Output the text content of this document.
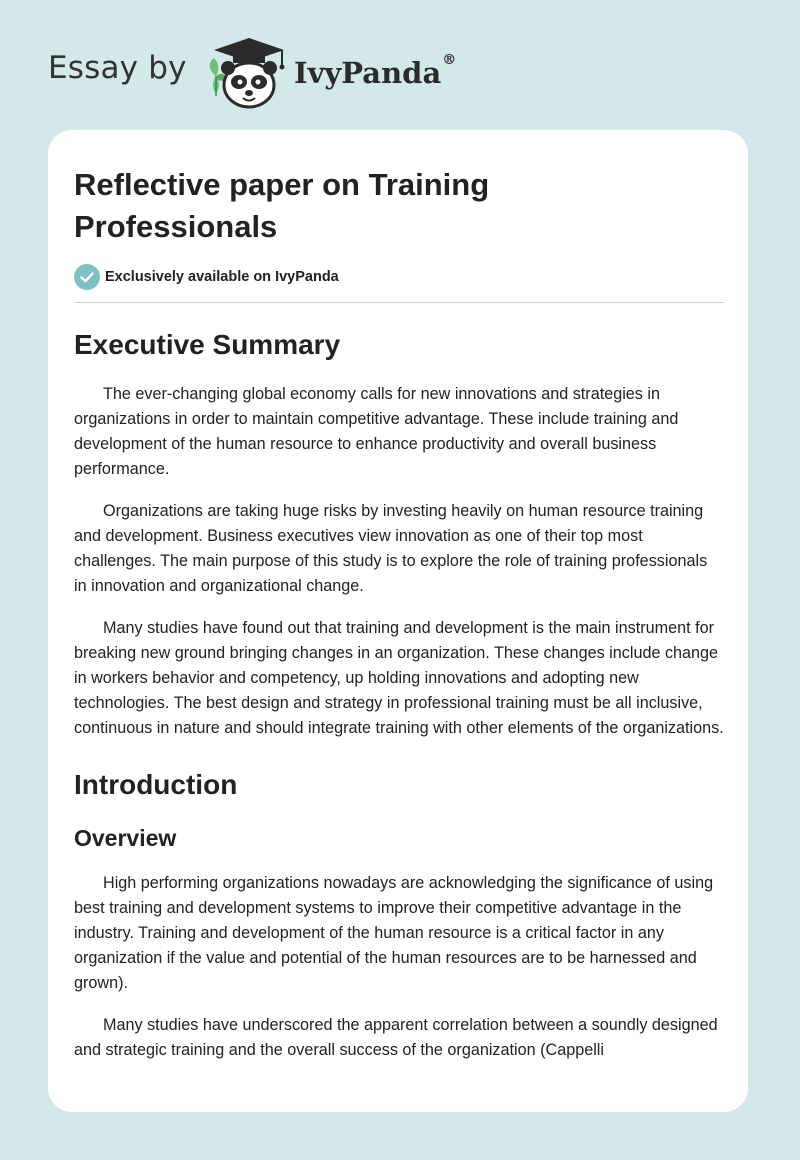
Essay by	IvyPanda®
Reflective paper on Training Professionals
Exclusively available on IvyPanda
Executive Summary

The ever-changing global economy calls for new innovations and strategies in organizations in order to maintain competitive advantage. These include training and development of the human resource to enhance productivity and overall business performance.

Organizations are taking huge risks by investing heavily on human resource training and development. Business executives view innovation as one of their top most challenges. The main purpose of this study is to explore the role of training professionals in innovation and organizational change.

Many studies have found out that training and development is the main instrument for breaking new ground bringing changes in an organization. These changes include change in workers behavior and competency, up holding innovations and adopting new technologies. The best design and strategy in professional training must be all inclusive, continuous in nature and should integrate training with other elements of the organizations.

Introduction
Overview

High performing organizations nowadays are acknowledging the significance of using best training and development systems to improve their competitive advantage in the industry. Training and development of the human resource is a critical factor in any organization if the value and potential of the human resources are to be harnessed and grown).

Many studies have underscored the apparent correlation between a soundly designed and strategic training and the overall success of the organization (Cappelli
